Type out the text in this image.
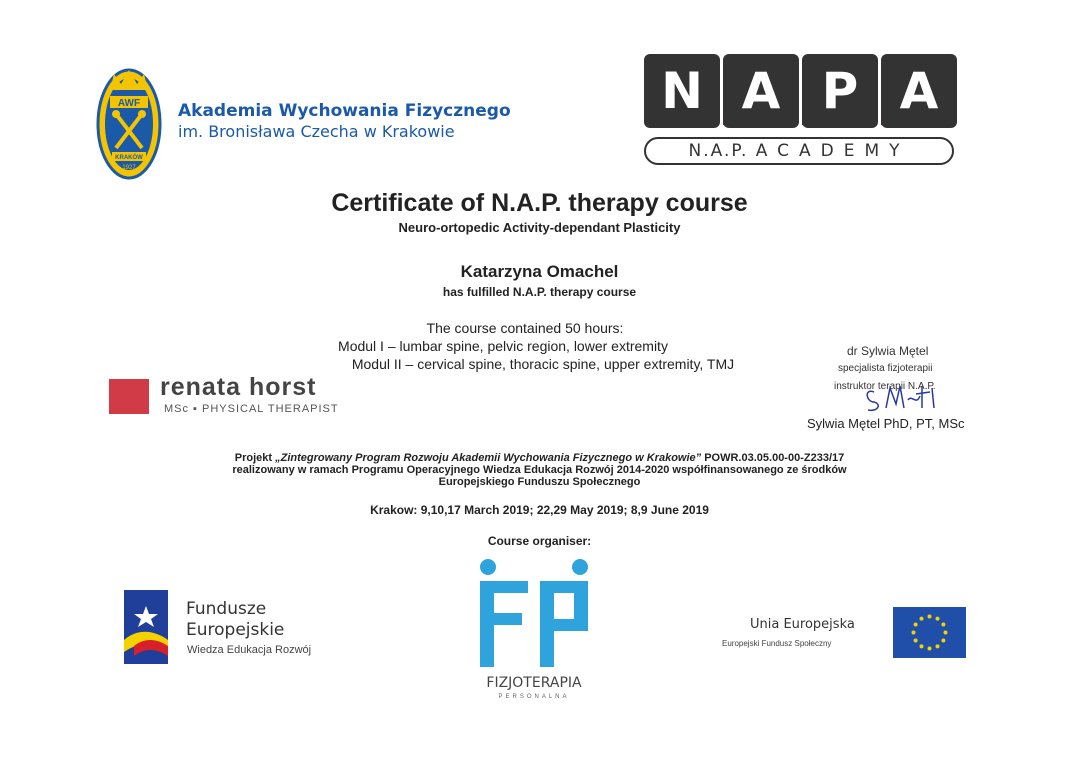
AWF
KRAKÓW
1927
Akademia Wychowania Fizycznego
im. Bronisława Czecha w Krakowie
N A P A
N.A.P. ACADEMY
Certificate of N.A.P. therapy course
Neuro-ortopedic Activity-dependant Plasticity
Katarzyna Omachel
has fulfilled N.A.P. therapy course
The course contained 50 hours:
Modul I – lumbar spine, pelvic region, lower extremity
Modul II – cervical spine, thoracic spine, upper extremity, TMJ
renata horst
MSc ▪ PHYSICAL THERAPIST
dr Sylwia Mętel
specjalista fizjoterapii
instruktor terapii N.A.P.
Sylwia Mętel PhD, PT, MSc
Projekt „Zintegrowany Program Rozwoju Akademii Wychowania Fizycznego w Krakowie” POWR.03.05.00-00-Z233/17
realizowany w ramach Programu Operacyjnego Wiedza Edukacja Rozwój 2014-2020 współfinansowanego ze środków
Europejskiego Funduszu Społecznego
Krakow: 9,10,17 March 2019; 22,29 May 2019; 8,9 June 2019
Course organiser:
Fundusze
Europejskie
Wiedza Edukacja Rozwój
FIZJOTERAPIA
PERSONALNA
Unia Europejska
Europejski Fundusz Społeczny
